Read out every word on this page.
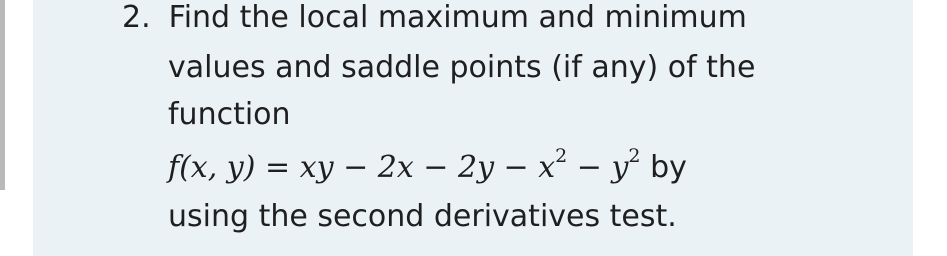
2. Find the local maximum and minimum
values and saddle points (if any) of the
function
f(x, y) = xy − $2x - 2y - x^2 - y^2$ by
using the second derivatives test.
